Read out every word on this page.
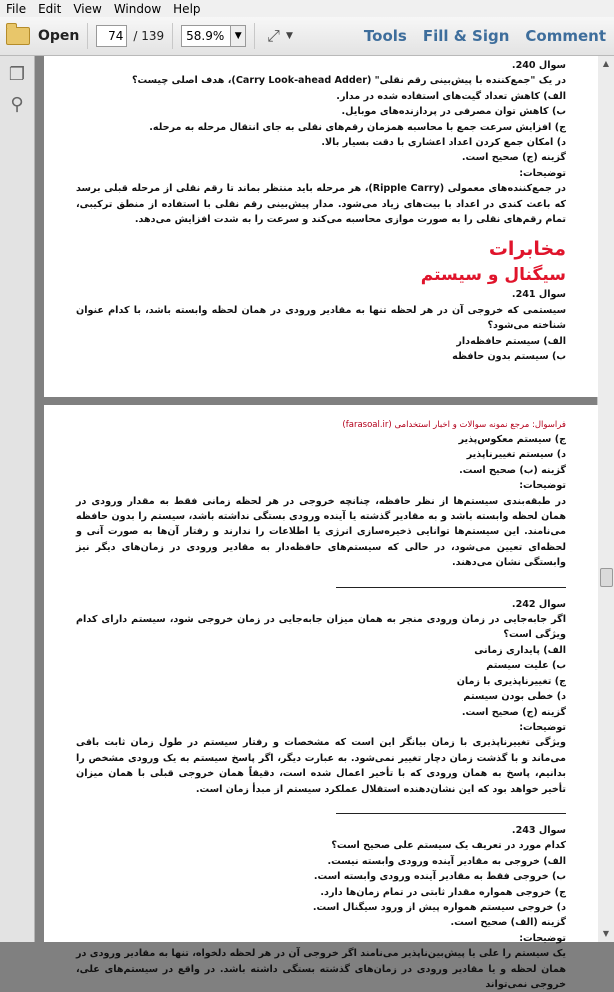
File	Edit	View	Window	Help
Open	74 / 139	58.9%	▼ ⤢ ▼	Tools	Fill & Sign	Comment
❐
⚲
▲
▼
سوال 240.
در یک "جمع‌کننده با پیش‌بینی رقم نقلی" (Carry Look-ahead Adder)، هدف اصلی چیست؟
الف) کاهش تعداد گیت‌های استفاده شده در مدار.
ب) کاهش توان مصرفی در پردازنده‌های موبایل.
ج) افزایش سرعت جمع با محاسبه همزمان رقم‌های نقلی به جای انتقال مرحله به مرحله.
د) امکان جمع کردن اعداد اعشاری با دقت بسیار بالا.
گزینه (ج) صحیح است.
توضیحات:
در جمع‌کننده‌های معمولی (Ripple Carry)، هر مرحله باید منتظر بماند تا رقم نقلی از مرحله قبلی برسد که باعث کندی در اعداد با بیت‌های زیاد می‌شود. مدار پیش‌بینی رقم نقلی با استفاده از منطق ترکیبی، تمام رقم‌های نقلی را به صورت موازی محاسبه می‌کند و سرعت را به شدت افزایش می‌دهد.
مخابرات
سیگنال و سیستم
سوال 241.
سیستمی که خروجی آن در هر لحظه تنها به مقادیر ورودی در همان لحظه وابسته باشد، با کدام عنوان شناخته می‌شود؟
الف) سیستم حافظه‌دار
ب) سیستم بدون حافظه
فراسوال: مرجع نمونه سوالات و اخبار استخدامی (farasoal.ir)
ج) سیستم معکوس‌پذیر
د) سیستم تغییرناپذیر
گزینه (ب) صحیح است.
توضیحات:
در طبقه‌بندی سیستم‌ها از نظر حافظه، چنانچه خروجی در هر لحظه زمانی فقط به مقدار ورودی در همان لحظه وابسته باشد و به مقادیر گذشته یا آینده ورودی بستگی نداشته باشد، سیستم را بدون حافظه می‌نامند. این سیستم‌ها توانایی ذخیره‌سازی انرژی یا اطلاعات را ندارند و رفتار آن‌ها به صورت آنی و لحظه‌ای تعیین می‌شود، در حالی که سیستم‌های حافظه‌دار به مقادیر ورودی در زمان‌های دیگر نیز وابستگی نشان می‌دهند.
سوال 242.
اگر جابه‌جایی در زمان ورودی منجر به همان میزان جابه‌جایی در زمان خروجی شود، سیستم دارای کدام ویژگی است؟
الف) پایداری زمانی
ب) علیت سیستم
ج) تغییرناپذیری با زمان
د) خطی بودن سیستم
گزینه (ج) صحیح است.
توضیحات:
ویژگی تغییرناپذیری با زمان بیانگر این است که مشخصات و رفتار سیستم در طول زمان ثابت باقی می‌ماند و با گذشت زمان دچار تغییر نمی‌شود. به عبارت دیگر، اگر پاسخ سیستم به یک ورودی مشخص را بدانیم، پاسخ به همان ورودی که با تأخیر اعمال شده است، دقیقاً همان خروجی قبلی با همان میزان تأخیر خواهد بود که این نشان‌دهنده استقلال عملکرد سیستم از مبدأ زمان است.
سوال 243.
کدام مورد در تعریف یک سیستم علی صحیح است؟
الف) خروجی به مقادیر آینده ورودی وابسته نیست.
ب) خروجی فقط به مقادیر آینده ورودی وابسته است.
ج) خروجی همواره مقدار ثابتی در تمام زمان‌ها دارد.
د) خروجی سیستم همواره پیش از ورود سیگنال است.
گزینه (الف) صحیح است.
توضیحات:
یک سیستم را علی یا پیش‌بین‌ناپذیر می‌نامند اگر خروجی آن در هر لحظه دلخواه، تنها به مقادیر ورودی در همان لحظه و یا مقادیر ورودی در زمان‌های گذشته بستگی داشته باشد. در واقع در سیستم‌های علی، خروجی نمی‌تواند
